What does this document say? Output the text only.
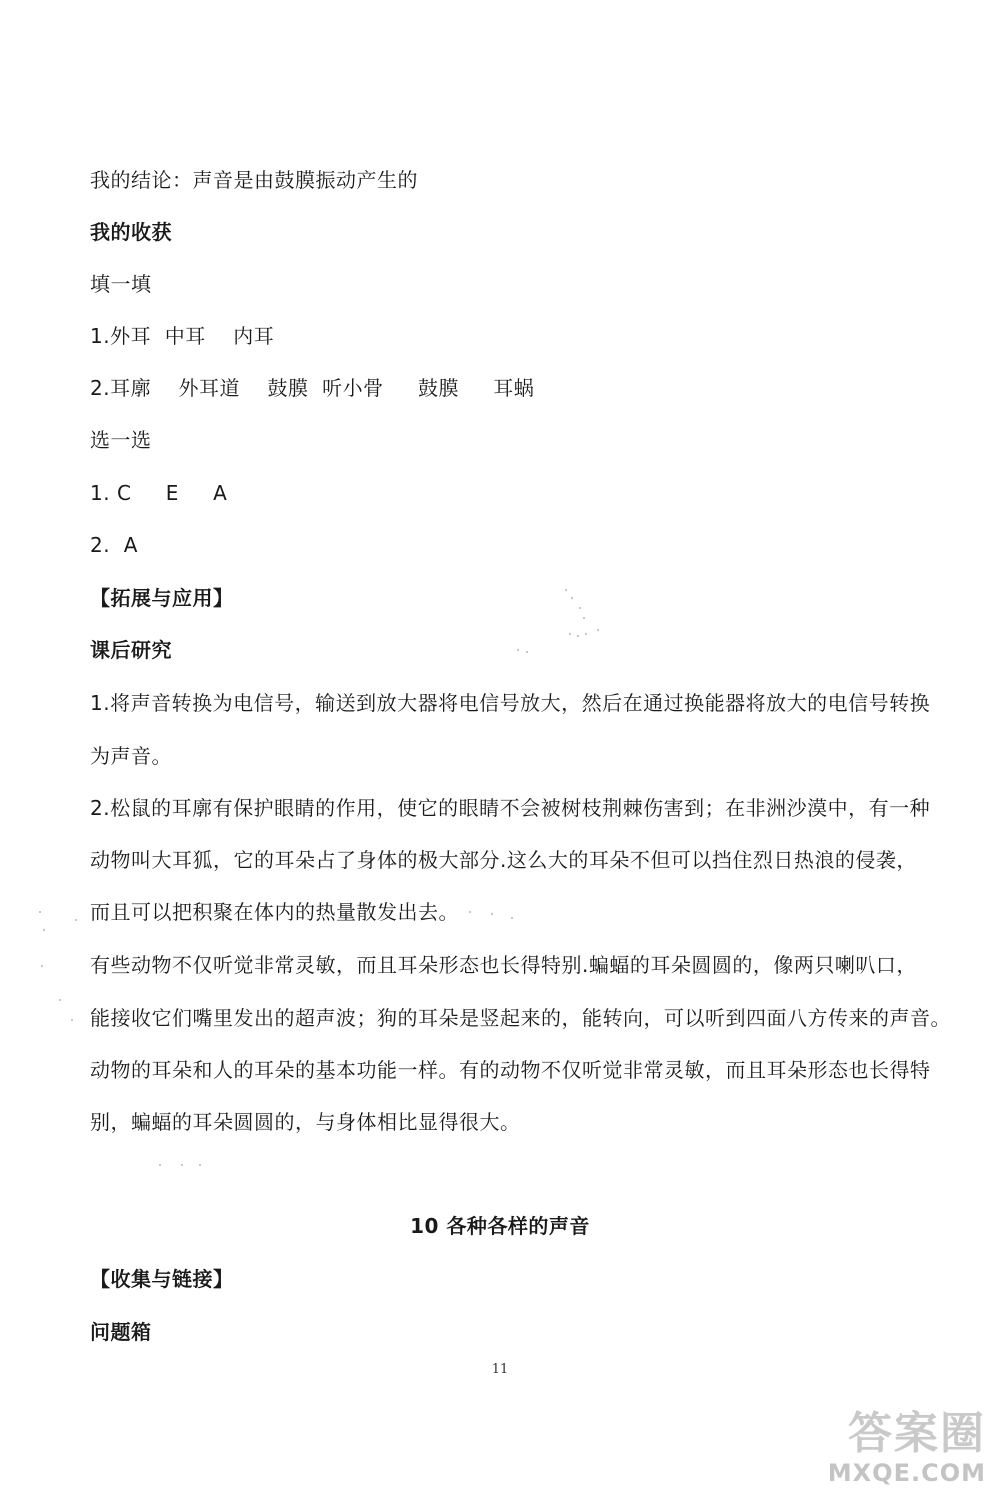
我的结论：声音是由鼓膜振动产生的
我的收获
填一填
1.外耳  中耳    内耳
2.耳廓    外耳道    鼓膜  听小骨     鼓膜     耳蜗
选一选
1. C     E     A
2.  A
【拓展与应用】
课后研究
1.将声音转换为电信号，输送到放大器将电信号放大，然后在通过换能器将放大的电信号转换
为声音。
2.松鼠的耳廓有保护眼睛的作用，使它的眼睛不会被树枝荆棘伤害到；在非洲沙漠中，有一种
动物叫大耳狐，它的耳朵占了身体的极大部分.这么大的耳朵不但可以挡住烈日热浪的侵袭，
而且可以把积聚在体内的热量散发出去。
有些动物不仅听觉非常灵敏，而且耳朵形态也长得特别.蝙蝠的耳朵圆圆的，像两只喇叭口，
能接收它们嘴里发出的超声波；狗的耳朵是竖起来的，能转向，可以听到四面八方传来的声音。
动物的耳朵和人的耳朵的基本功能一样。有的动物不仅听觉非常灵敏，而且耳朵形态也长得特
别，蝙蝠的耳朵圆圆的，与身体相比显得很大。
10 各种各样的声音
【收集与链接】
问题箱
11
答案圈
MXQE.COM
